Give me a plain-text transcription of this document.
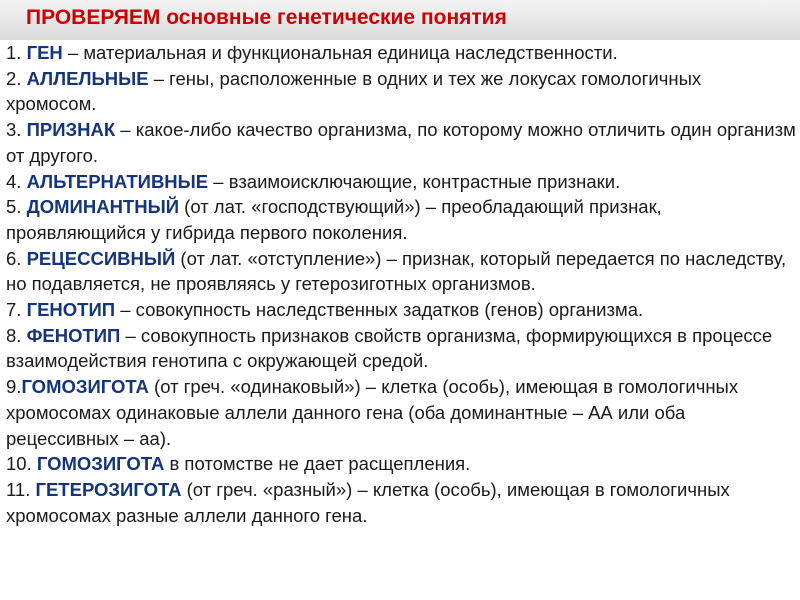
ПРОВЕРЯЕМ основные генетические понятия

1. ГЕН – материальная и функциональная единица наследственности.

2. АЛЛЕЛЬНЫЕ – гены, расположенные в одних и тех же локусах гомологичных хромосом.

3. ПРИЗНАК – какое-либо качество организма, по которому можно отличить один организм от другого.

4. АЛЬТЕРНАТИВНЫЕ – взаимоисключающие, контрастные признаки.

5. ДОМИНАНТНЫЙ (от лат. «господствующий») – преобладающий признак, проявляющийся у гибрида первого поколения.

6. РЕЦЕССИВНЫЙ (от лат. «отступление») – признак, который передается по наследству, но подавляется, не проявляясь у гетерозиготных организмов.

7. ГЕНОТИП – совокупность наследственных задатков (генов) организма.

8. ФЕНОТИП – совокупность признаков свойств организма, формирующихся в процессе взаимодействия генотипа с окружающей средой.

9.ГОМОЗИГОТА (от греч. «одинаковый») – клетка (особь), имеющая в гомологичных хромосомах одинаковые аллели данного гена (оба доминантные – АА или оба рецессивных – аа).

10. ГОМОЗИГОТА в потомстве не дает расщепления.

11. ГЕТЕРОЗИГОТА (от греч. «разный») – клетка (особь), имеющая в гомологичных хромосомах разные аллели данного гена.
